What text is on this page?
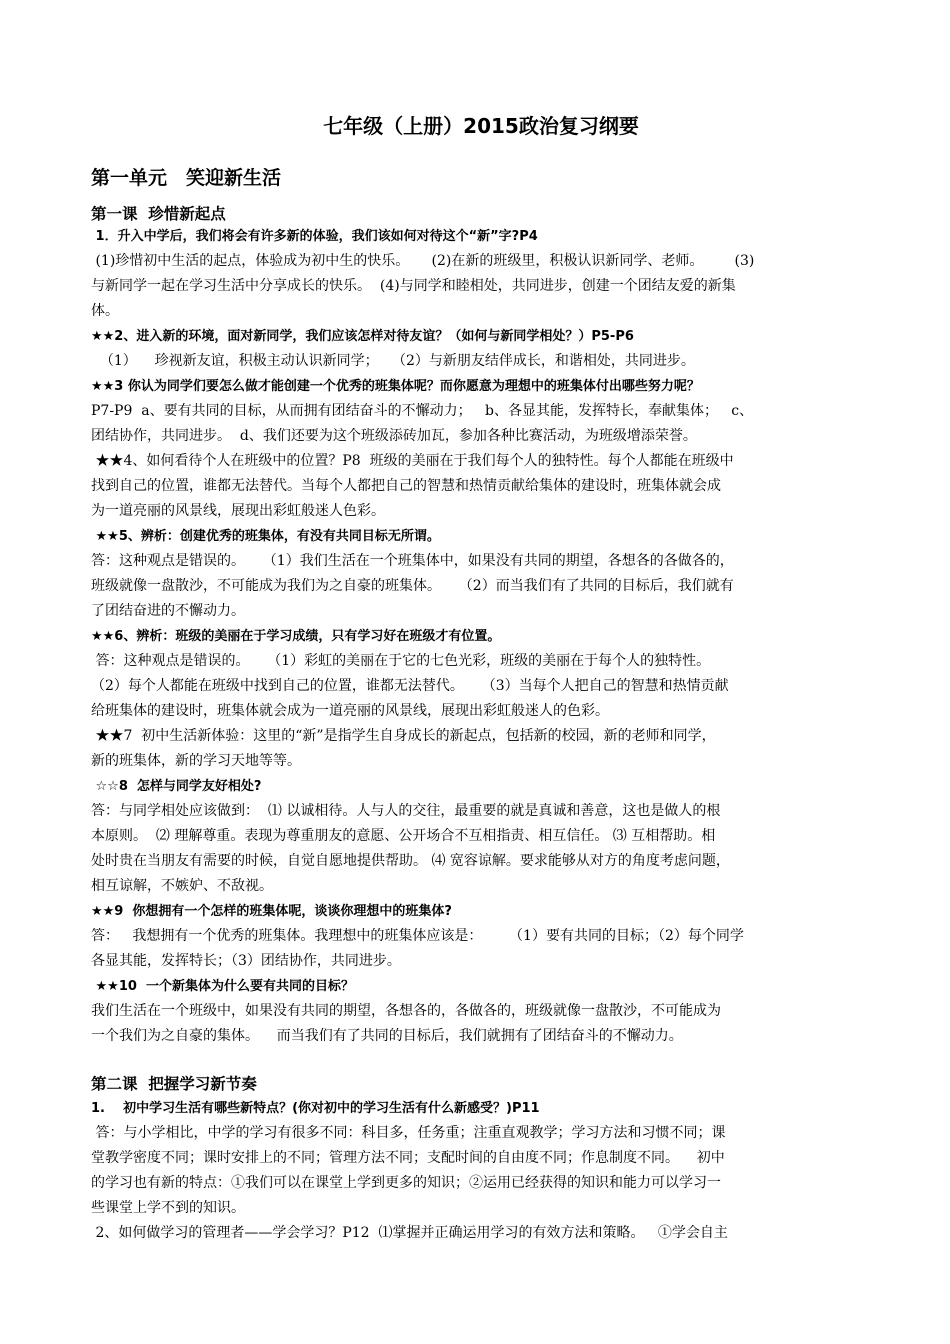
七年级（上册）2015政治复习纲要
第一单元　笑迎新生活
第一课  珍惜新起点
1．升入中学后，我们将会有许多新的体验，我们该如何对待这个“新”字?P4
(1)珍惜初中生活的起点，体验成为初中生的快乐。     (2)在新的班级里，积极认识新同学、老师。       (3)
与新同学一起在学习生活中分享成长的快乐。  (4)与同学和睦相处，共同进步，创建一个团结友爱的新集
体。
★★2、进入新的环境，面对新同学，我们应该怎样对待友谊？（如何与新同学相处？）P5-P6
（1）    珍视新友谊，积极主动认识新同学；   （2）与新朋友结伴成长，和谐相处，共同进步。
★★3 你认为同学们要怎么做才能创建一个优秀的班集体呢？而你愿意为理想中的班集体付出哪些努力呢？
P7-P9  a、要有共同的目标，从而拥有团结奋斗的不懈动力；   b、各显其能，发挥特长，奉献集体；   c、
团结协作，共同进步。  d、我们还要为这个班级添砖加瓦，参加各种比赛活动，为班级增添荣誉。
★★4、如何看待个人在班级中的位置？P8  班级的美丽在于我们每个人的独特性。每个人都能在班级中
找到自己的位置，谁都无法替代。当每个人都把自己的智慧和热情贡献给集体的建设时，班集体就会成
为一道亮丽的风景线，展现出彩虹般迷人色彩。
★★5、辨析：创建优秀的班集体，有没有共同目标无所谓。
答：这种观点是错误的。    （1）我们生活在一个班集体中，如果没有共同的期望，各想各的各做各的，
班级就像一盘散沙，不可能成为我们为之自豪的班集体。    （2）而当我们有了共同的目标后，我们就有
了团结奋进的不懈动力。
★★6、辨析：班级的美丽在于学习成绩，只有学习好在班级才有位置。
答：这种观点是错误的。    （1）彩虹的美丽在于它的七色光彩，班级的美丽在于每个人的独特性。
（2）每个人都能在班级中找到自己的位置，谁都无法替代。    （3）当每个人把自己的智慧和热情贡献
给班集体的建设时，班集体就会成为一道亮丽的风景线，展现出彩虹般迷人的色彩。
★★7  初中生活新体验：这里的“新”是指学生自身成长的新起点，包括新的校园，新的老师和同学，
新的班集体，新的学习天地等等。
☆☆8  怎样与同学友好相处?
答：与同学相处应该做到：  ⑴ 以诚相待。人与人的交往，最重要的就是真诚和善意，这也是做人的根
本原则。  ⑵ 理解尊重。表现为尊重朋友的意愿、公开场合不互相指责、相互信任。 ⑶ 互相帮助。相
处时贵在当朋友有需要的时候，自觉自愿地提供帮助。 ⑷ 宽容谅解。要求能够从对方的角度考虑问题，
相互谅解，不嫉妒、不敌视。
★★9  你想拥有一个怎样的班集体呢，谈谈你理想中的班集体?
答：   我想拥有一个优秀的班集体。我理想中的班集体应该是：      （1）要有共同的目标；（2）每个同学
各显其能，发挥特长；（3）团结协作，共同进步。
★★10  一个新集体为什么要有共同的目标？
我们生活在一个班级中，如果没有共同的期望，各想各的，各做各的，班级就像一盘散沙，不可能成为
一个我们为之自豪的集体。    而当我们有了共同的目标后，我们就拥有了团结奋斗的不懈动力。
第二课  把握学习新节奏
1.    初中学习生活有哪些新特点？(你对初中的学习生活有什么新感受？)P11
答：与小学相比，中学的学习有很多不同：科目多，任务重；注重直观教学；学习方法和习惯不同；课
堂教学密度不同；课时安排上的不同；管理方法不同；支配时间的自由度不同；作息制度不同。    初中
的学习也有新的特点：①我们可以在课堂上学到更多的知识；②运用已经获得的知识和能力可以学习一
些课堂上学不到的知识。
2、如何做学习的管理者——学会学习？P12  ⑴掌握并正确运用学习的有效方法和策略。   ①学会自主
